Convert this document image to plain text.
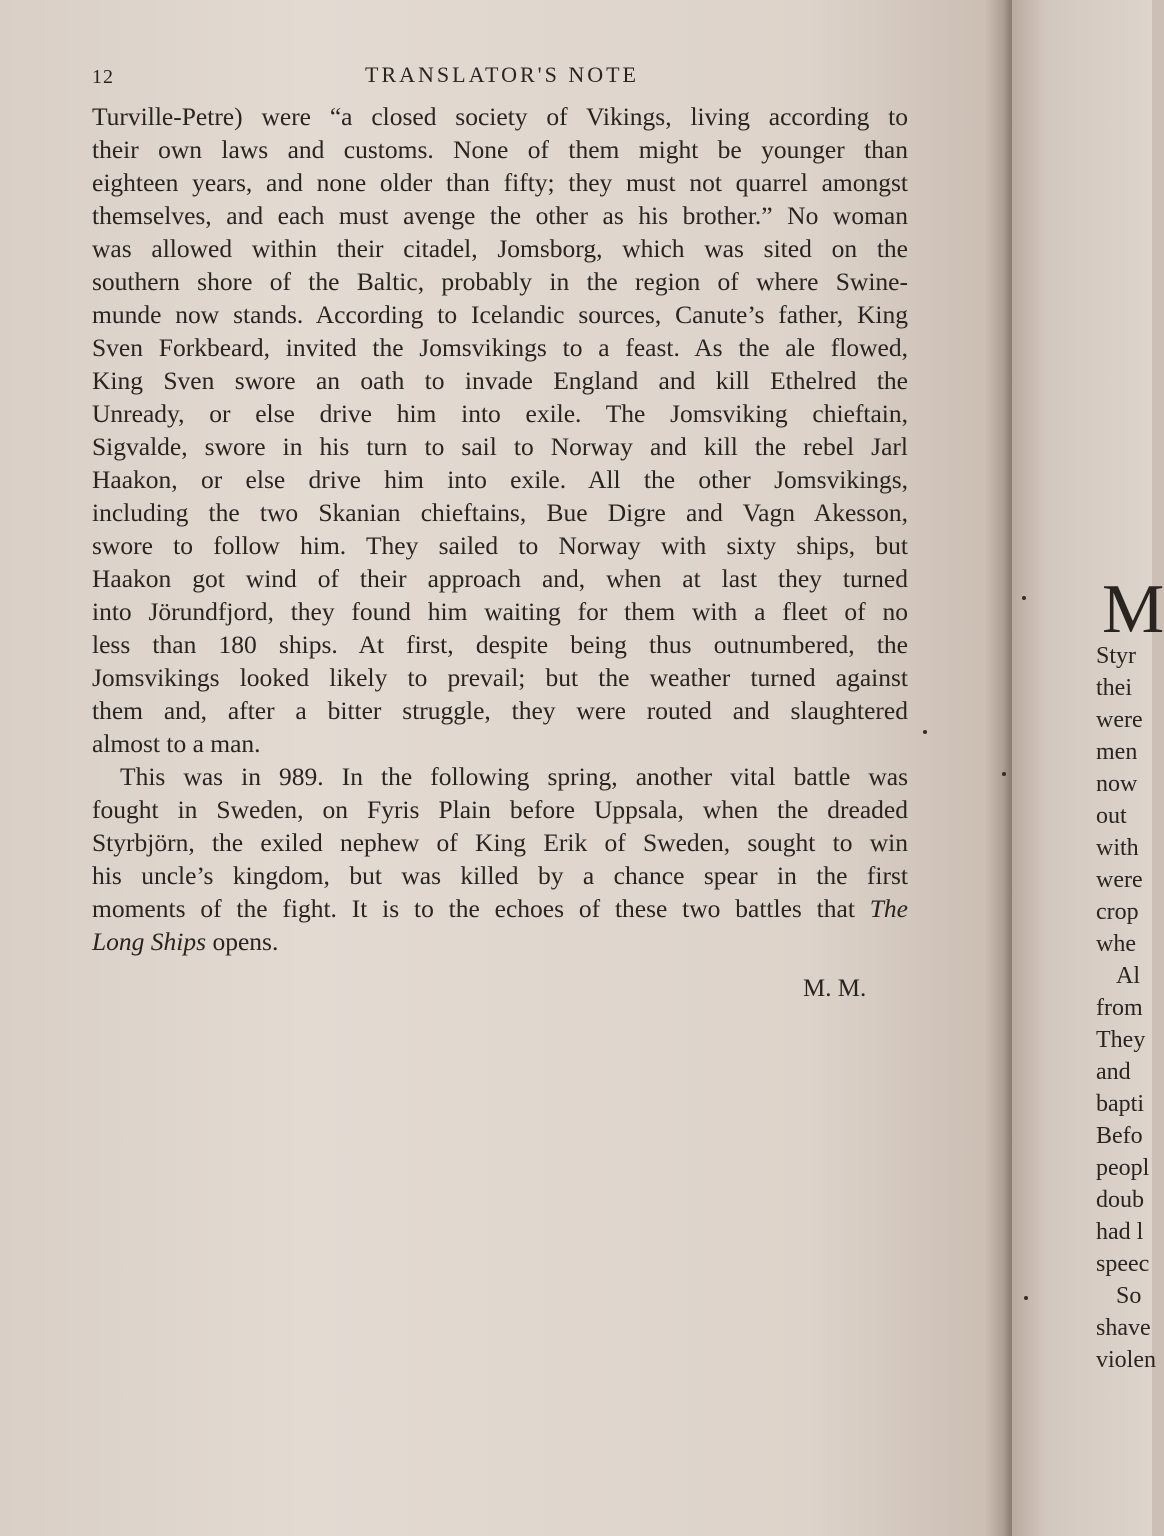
12	TRANSLATOR'S NOTE
Turville-Petre) were “a closed society of Vikings, living according to
their own laws and customs. None of them might be younger than
eighteen years, and none older than fifty; they must not quarrel amongst
themselves, and each must avenge the other as his brother.” No woman
was allowed within their citadel, Jomsborg, which was sited on the
southern shore of the Baltic, probably in the region of where Swine-
munde now stands. According to Icelandic sources, Canute’s father, King
Sven Forkbeard, invited the Jomsvikings to a feast. As the ale flowed,
King Sven swore an oath to invade England and kill Ethelred the
Unready, or else drive him into exile. The Jomsviking chieftain,
Sigvalde, swore in his turn to sail to Norway and kill the rebel Jarl
Haakon, or else drive him into exile. All the other Jomsvikings,
including the two Skanian chieftains, Bue Digre and Vagn Akesson,
swore to follow him. They sailed to Norway with sixty ships, but
Haakon got wind of their approach and, when at last they turned
into Jörundfjord, they found him waiting for them with a fleet of no
less than 180 ships. At first, despite being thus outnumbered, the
Jomsvikings looked likely to prevail; but the weather turned against
them and, after a bitter struggle, they were routed and slaughtered
almost to a man.
This was in 989. In the following spring, another vital battle was
fought in Sweden, on Fyris Plain before Uppsala, when the dreaded
Styrbjörn, the exiled nephew of King Erik of Sweden, sought to win
his uncle’s kingdom, but was killed by a chance spear in the first
moments of the fight. It is to the echoes of these two battles that The
Long Ships opens.
M. M.
M
Styr
thei
were
men
now
out
with
were
crop
whe
Al
from
They
and
bapti
Befo
peopl
doub
had l
speec
So
shave
violen
